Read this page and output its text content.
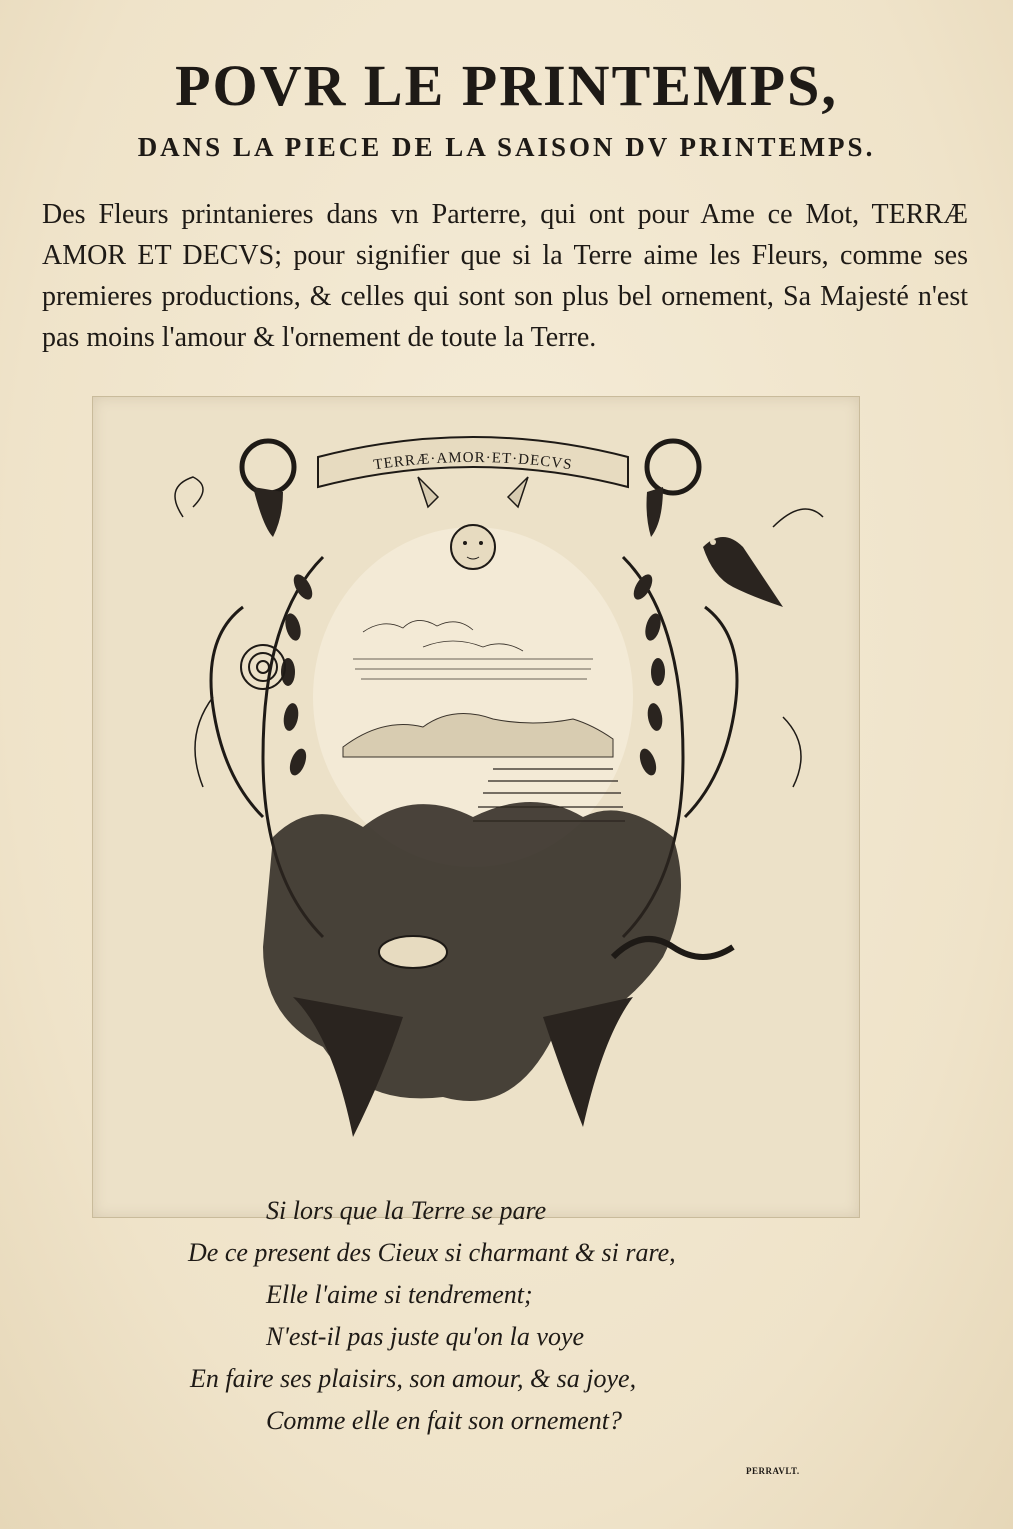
POVR LE PRINTEMPS,
DANS LA PIECE DE LA SAISON DV PRINTEMPS.

Des Fleurs printanieres dans vn Parterre, qui ont pour Ame ce Mot, TERRÆ AMOR ET DECVS; pour signifier que si la Terre aime les Fleurs, comme ses premieres productions, & celles qui sont son plus bel ornement, Sa Majesté n'est pas moins l'amour & l'ornement de toute la Terre.

TERRÆ·AMOR·ET·DECVS
Si lors que la Terre se pare
De ce present des Cieux si charmant & si rare,
Elle l'aime si tendrement;
N'est-il pas juste qu'on la voye
En faire ses plaisirs, son amour, & sa joye,
Comme elle en fait son ornement?
PERRAVLT.
